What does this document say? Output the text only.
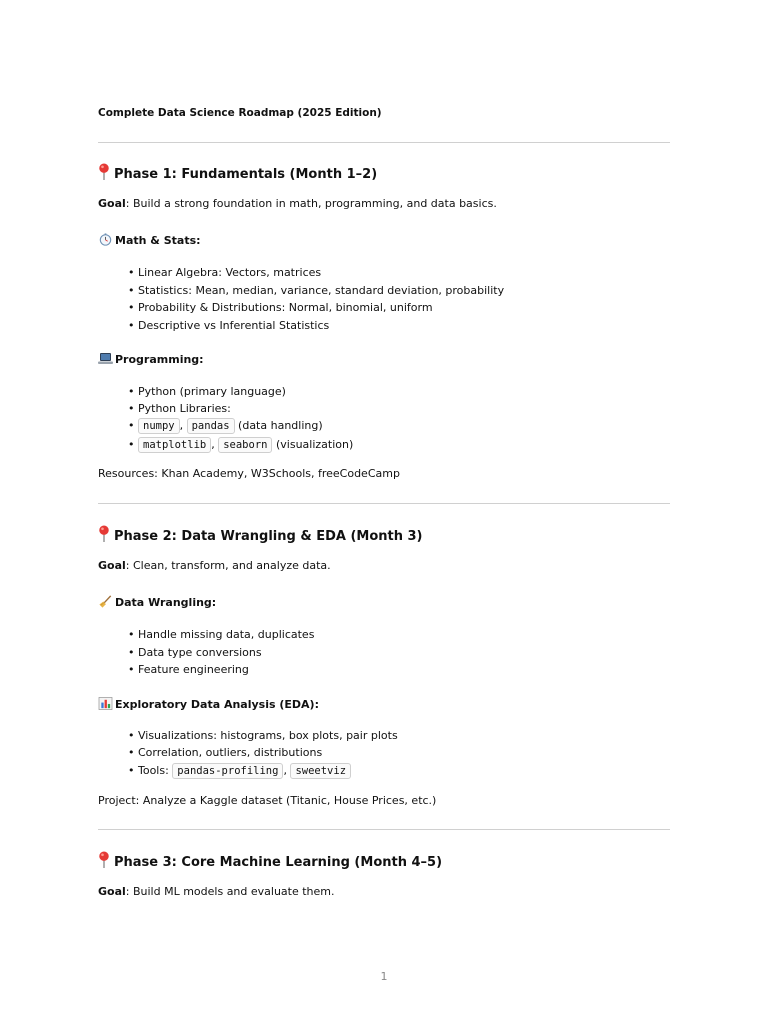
Complete Data Science Roadmap (2025 Edition)
Phase 1: Fundamentals (Month 1–2)
Goal: Build a strong foundation in math, programming, and data basics.
Math & Stats:
• Linear Algebra: Vectors, matrices
• Statistics: Mean, median, variance, standard deviation, probability
• Probability & Distributions: Normal, binomial, uniform
• Descriptive vs Inferential Statistics
Programming:
• Python (primary language)
• Python Libraries:
• numpy , pandas (data handling)
• matplotlib , seaborn (visualization)
Resources: Khan Academy, W3Schools, freeCodeCamp
Phase 2: Data Wrangling & EDA (Month 3)
Goal: Clean, transform, and analyze data.
Data Wrangling:
• Handle missing data, duplicates
• Data type conversions
• Feature engineering
Exploratory Data Analysis (EDA):
• Visualizations: histograms, box plots, pair plots
• Correlation, outliers, distributions
• Tools: pandas-profiling , sweetviz
Project: Analyze a Kaggle dataset (Titanic, House Prices, etc.)
Phase 3: Core Machine Learning (Month 4–5)
Goal: Build ML models and evaluate them.
1
